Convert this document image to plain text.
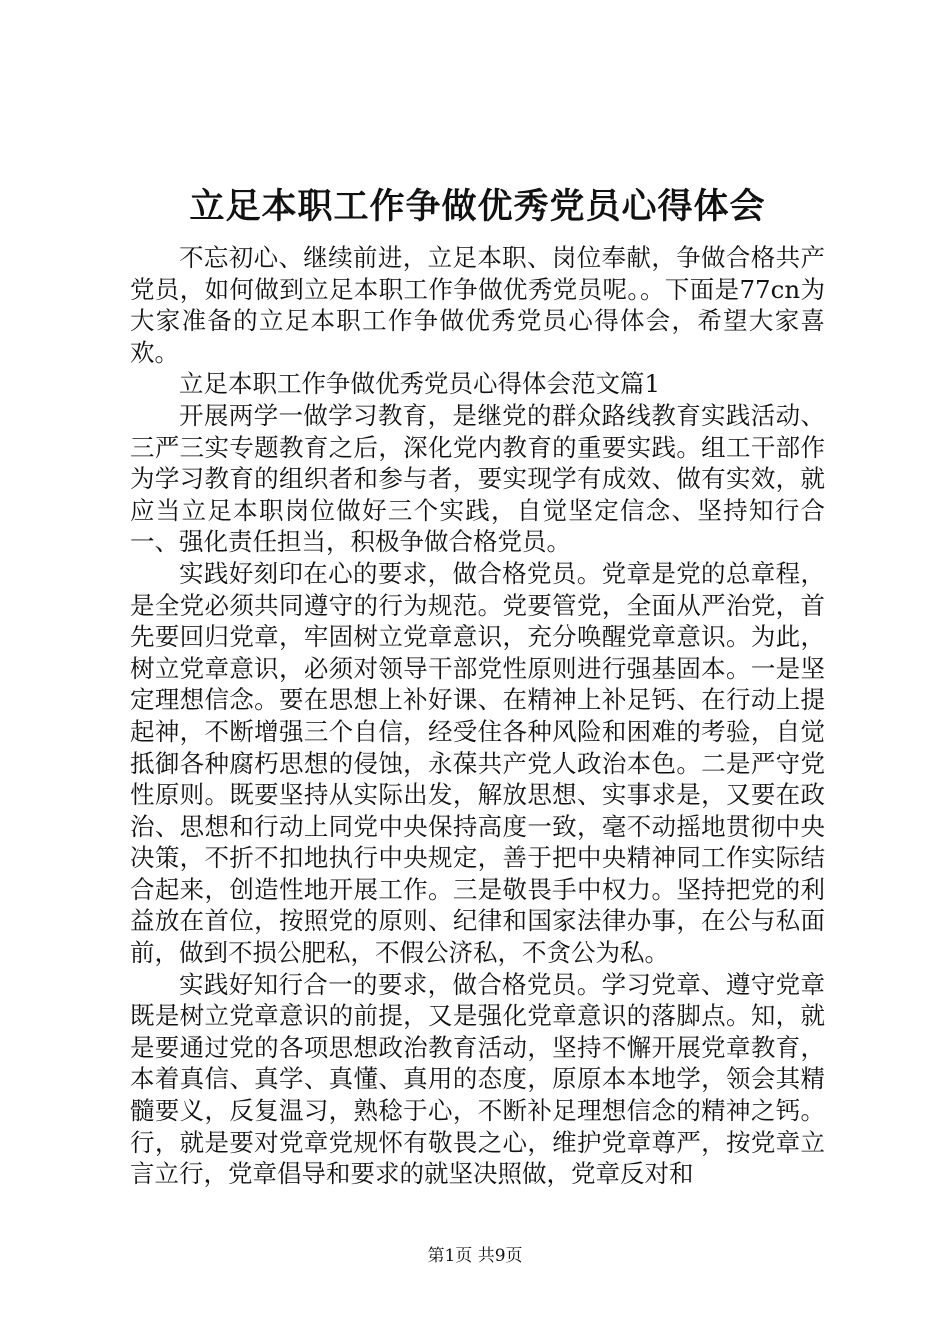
立足本职工作争做优秀党员心得体会

不忘初心、继续前进，立足本职、岗位奉献，争做合格共产党员，如何做到立足本职工作争做优秀党员呢。。下面是77cn为大家准备的立足本职工作争做优秀党员心得体会，希望大家喜欢。

立足本职工作争做优秀党员心得体会范文篇1

开展两学一做学习教育，是继党的群众路线教育实践活动、三严三实专题教育之后，深化党内教育的重要实践。组工干部作为学习教育的组织者和参与者，要实现学有成效、做有实效，就应当立足本职岗位做好三个实践，自觉坚定信念、坚持知行合一、强化责任担当，积极争做合格党员。

实践好刻印在心的要求，做合格党员。党章是党的总章程，是全党必须共同遵守的行为规范。党要管党，全面从严治党，首先要回归党章，牢固树立党章意识，充分唤醒党章意识。为此，树立党章意识，必须对领导干部党性原则进行强基固本。一是坚定理想信念。要在思想上补好课、在精神上补足钙、在行动上提起神，不断增强三个自信，经受住各种风险和困难的考验，自觉抵御各种腐朽思想的侵蚀，永葆共产党人政治本色。二是严守党性原则。既要坚持从实际出发，解放思想、实事求是，又要在政治、思想和行动上同党中央保持高度一致，毫不动摇地贯彻中央决策，不折不扣地执行中央规定，善于把中央精神同工作实际结合起来，创造性地开展工作。三是敬畏手中权力。坚持把党的利益放在首位，按照党的原则、纪律和国家法律办事，在公与私面前，做到不损公肥私，不假公济私，不贪公为私。

实践好知行合一的要求，做合格党员。学习党章、遵守党章既是树立党章意识的前提，又是强化党章意识的落脚点。知，就是要通过党的各项思想政治教育活动，坚持不懈开展党章教育，本着真信、真学、真懂、真用的态度，原原本本地学，领会其精髓要义，反复温习，熟稔于心，不断补足理想信念的精神之钙。行，就是要对党章党规怀有敬畏之心，维护党章尊严，按党章立言立行，党章倡导和要求的就坚决照做，党章反对和

第1页 共9页
